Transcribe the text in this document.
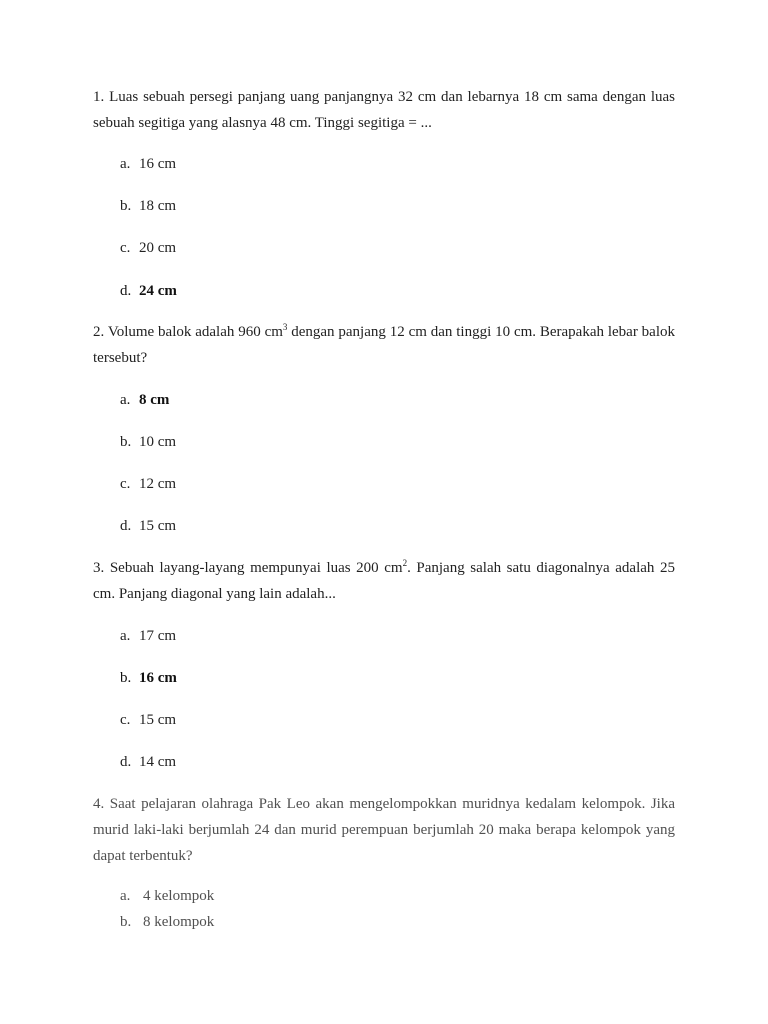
1. Luas sebuah persegi panjang uang panjangnya 32 cm dan lebarnya 18 cm sama dengan luas sebuah segitiga yang alasnya 48 cm. Tinggi segitiga = ...
a. 16 cm
b. 18 cm
c. 20 cm
d. 24 cm
2. Volume balok adalah 960 $cm^3$ dengan panjang 12 cm dan tinggi 10 cm. Berapakah lebar balok tersebut?
a. 8 cm
b. 10 cm
c. 12 cm
d. 15 cm
3. Sebuah layang-layang mempunyai luas 200 $cm^2$. Panjang salah satu diagonalnya adalah 25 cm. Panjang diagonal yang lain adalah...
a. 17 cm
b. 16 cm
c. 15 cm
d. 14 cm
4. Saat pelajaran olahraga Pak Leo akan mengelompokkan muridnya kedalam kelompok. Jika murid laki-laki berjumlah 24 dan murid perempuan berjumlah 20 maka berapa kelompok yang dapat terbentuk?
a. 4 kelompok
b. 8 kelompok
